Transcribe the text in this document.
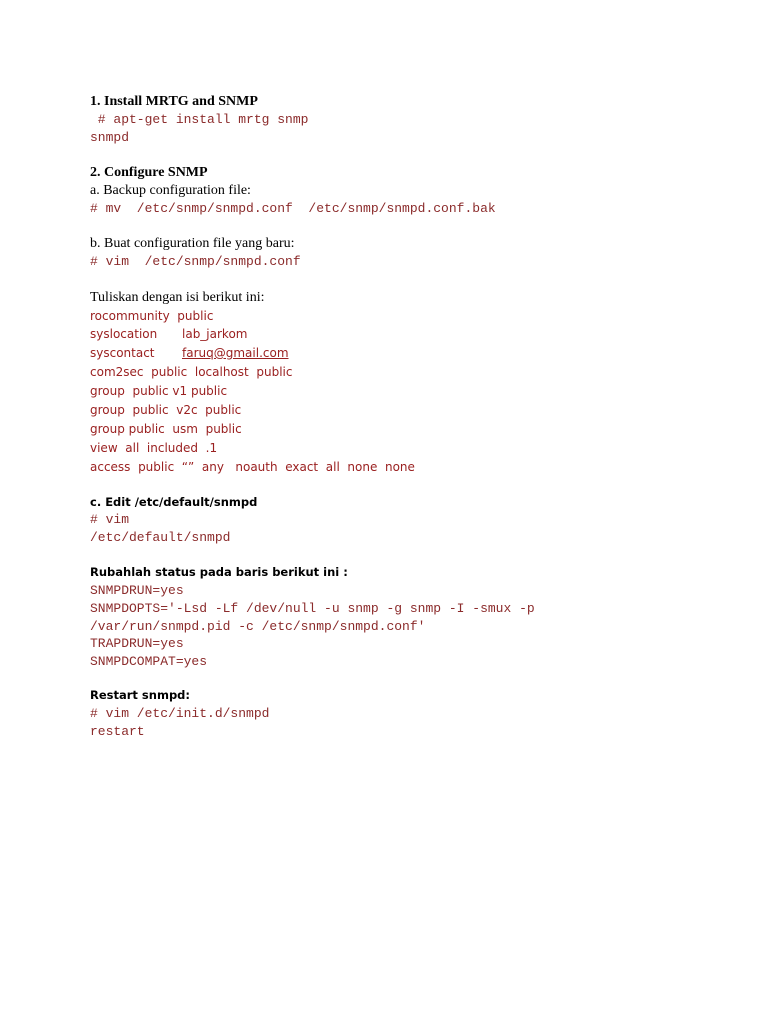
1. Install MRTG and SNMP
# apt-get install mrtg snmp
snmpd
2. Configure SNMP
a. Backup configuration file:
# mv  /etc/snmp/snmpd.conf  /etc/snmp/snmpd.conf.bak
b. Buat configuration file yang baru:
# vim  /etc/snmp/snmpd.conf
Tuliskan dengan isi berikut ini:
rocommunity  public
syslocation lab_jarkom
syscontact faruq@gmail.com
com2sec  public  localhost  public
group  public v1 public
group  public  v2c  public
group public  usm  public
view  all  included  .1
access  public  “”  any   noauth  exact  all  none  none
c. Edit /etc/default/snmpd
# vim
/etc/default/snmpd
Rubahlah status pada baris berikut ini :
SNMPDRUN=yes
SNMPDOPTS='-Lsd -Lf /dev/null -u snmp -g snmp -I -smux -p
/var/run/snmpd.pid -c /etc/snmp/snmpd.conf'
TRAPDRUN=yes
SNMPDCOMPAT=yes
Restart snmpd:
# vim /etc/init.d/snmpd
restart
